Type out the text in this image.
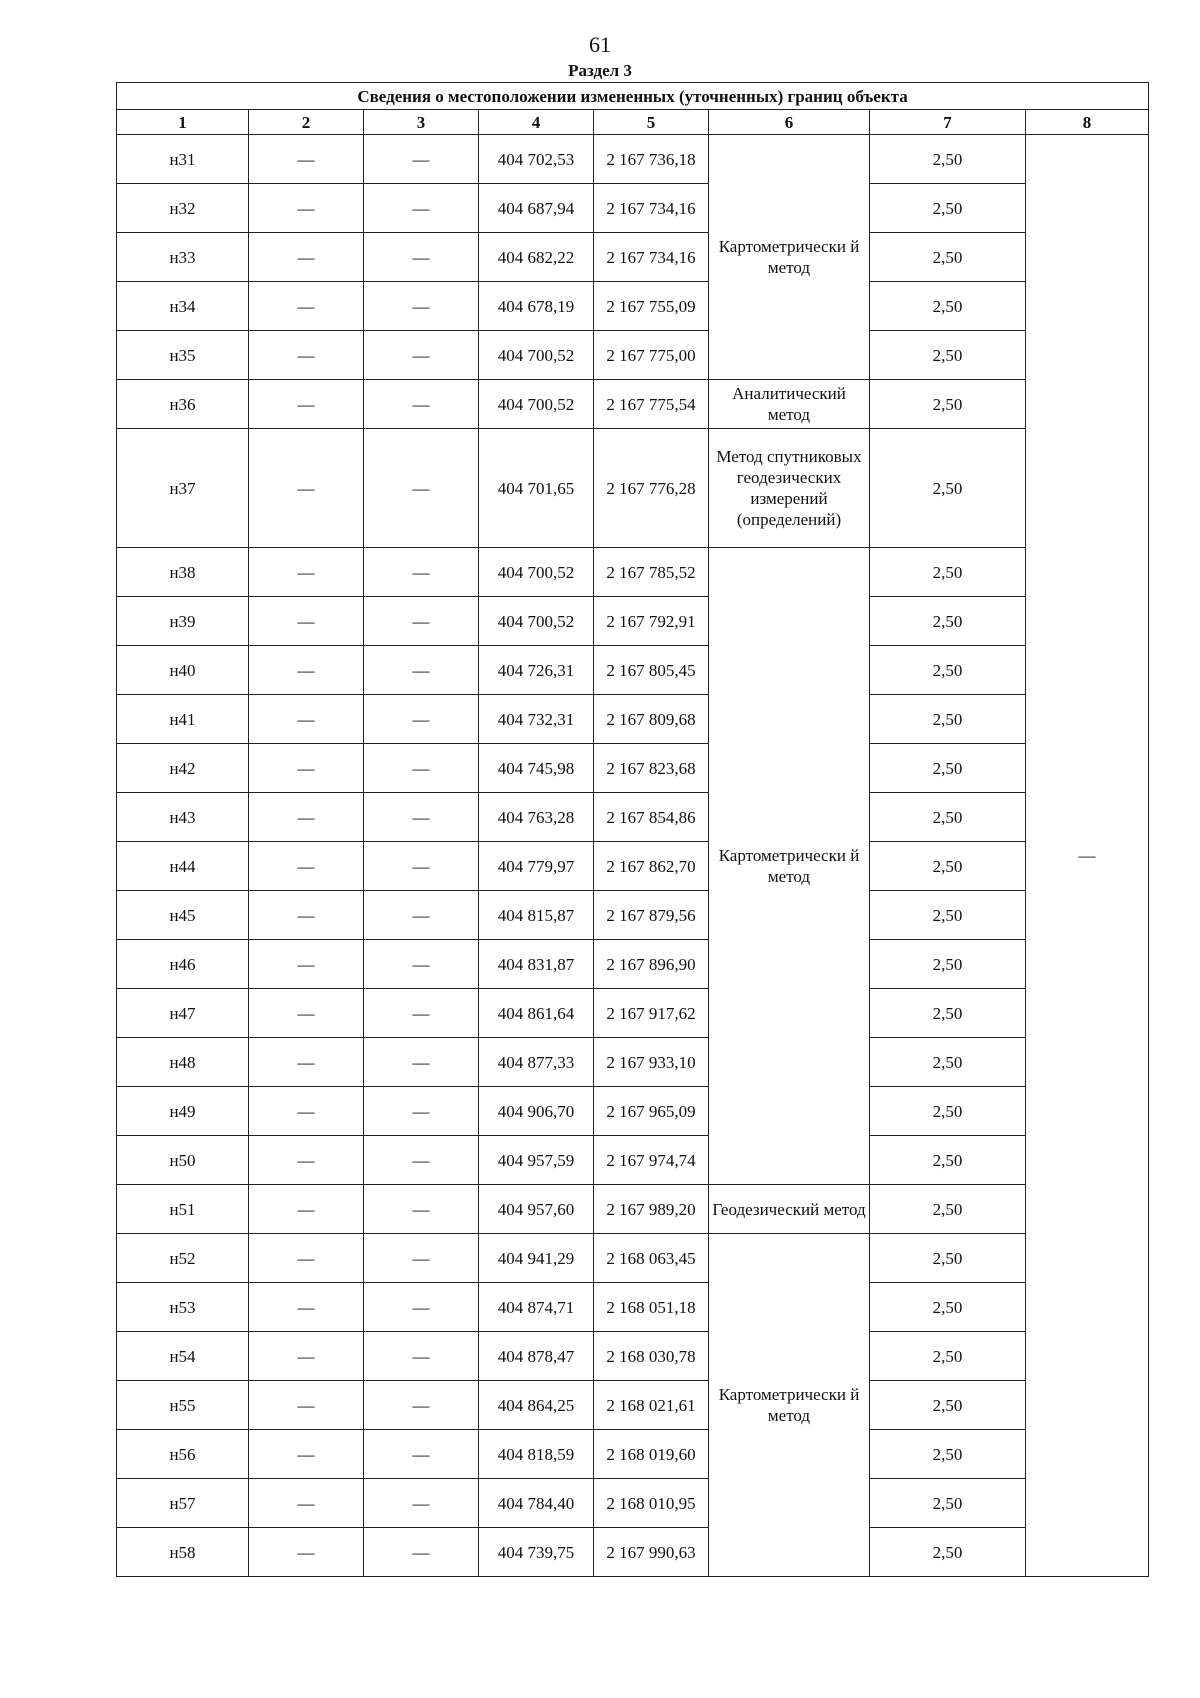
61
Раздел 3
Сведения о местоположении измененных (уточненных) границ объекта							
1	2	3	4	5	6	7	8
н31	—	—	404 702,53	2 167 736,18	Картометрически й метод	2,50	—
н32	—	—	404 687,94	2 167 734,16		2,50	
н33	—	—	404 682,22	2 167 734,16		2,50	
н34	—	—	404 678,19	2 167 755,09		2,50	
н35	—	—	404 700,52	2 167 775,00		2,50	
н36	—	—	404 700,52	2 167 775,54	Аналитический метод	2,50	
н37	—	—	404 701,65	2 167 776,28	Метод спутниковых геодезических измерений (определений)	2,50	
н38	—	—	404 700,52	2 167 785,52	Картометрически й метод	2,50	
н39	—	—	404 700,52	2 167 792,91		2,50	
н40	—	—	404 726,31	2 167 805,45		2,50	
н41	—	—	404 732,31	2 167 809,68		2,50	
н42	—	—	404 745,98	2 167 823,68		2,50	
н43	—	—	404 763,28	2 167 854,86		2,50	
н44	—	—	404 779,97	2 167 862,70		2,50	
н45	—	—	404 815,87	2 167 879,56		2,50	
н46	—	—	404 831,87	2 167 896,90		2,50	
н47	—	—	404 861,64	2 167 917,62		2,50	
н48	—	—	404 877,33	2 167 933,10		2,50	
н49	—	—	404 906,70	2 167 965,09		2,50	
н50	—	—	404 957,59	2 167 974,74		2,50	
н51	—	—	404 957,60	2 167 989,20	Геодезический метод	2,50	
н52	—	—	404 941,29	2 168 063,45	Картометрически й метод	2,50	
н53	—	—	404 874,71	2 168 051,18		2,50	
н54	—	—	404 878,47	2 168 030,78		2,50	
н55	—	—	404 864,25	2 168 021,61		2,50	
н56	—	—	404 818,59	2 168 019,60		2,50	
н57	—	—	404 784,40	2 168 010,95		2,50	
н58	—	—	404 739,75	2 167 990,63		2,50	
